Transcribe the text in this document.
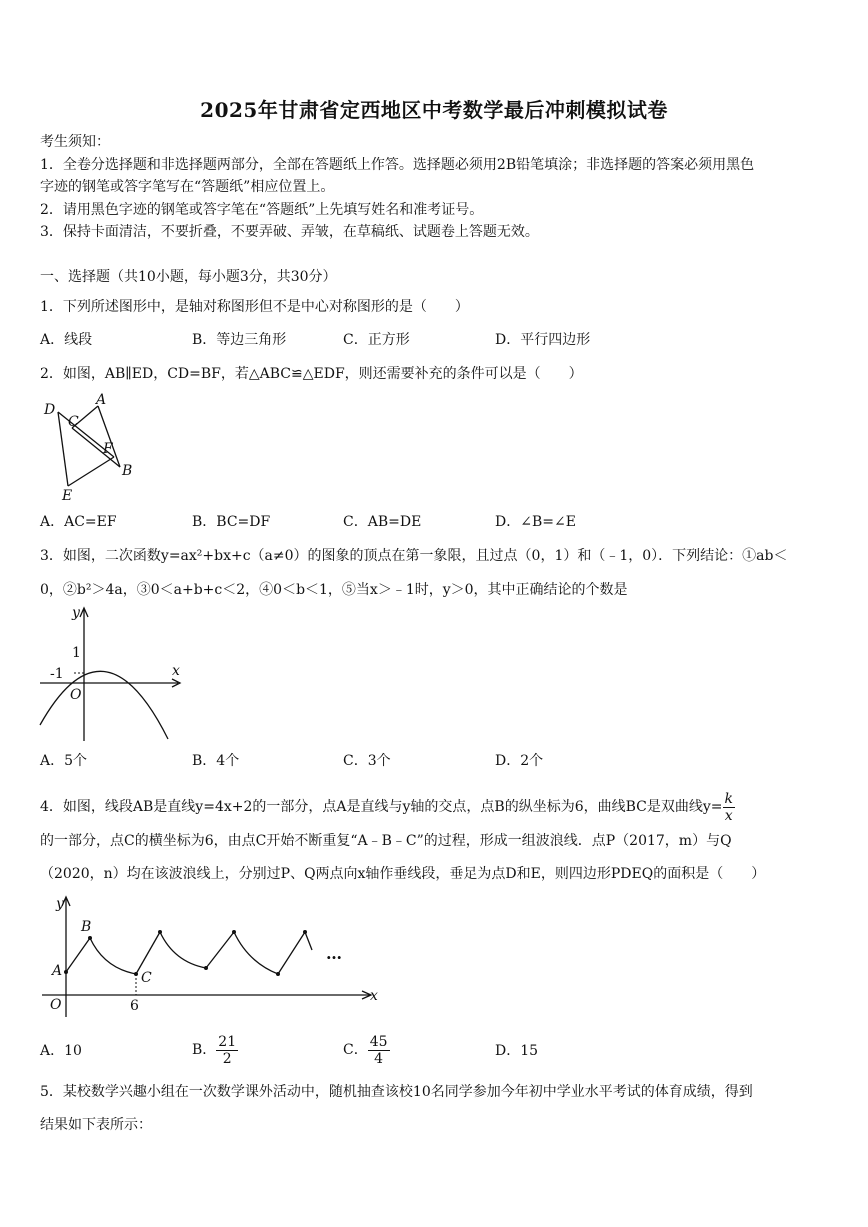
2025年甘肃省定西地区中考数学最后冲刺模拟试卷
考生须知：
1．全卷分选择题和非选择题两部分，全部在答题纸上作答。选择题必须用2B铅笔填涂；非选择题的答案必须用黑色
字迹的钢笔或答字笔写在“答题纸”相应位置上。
2．请用黑色字迹的钢笔或答字笔在“答题纸”上先填写姓名和准考证号。
3．保持卡面清洁，不要折叠，不要弄破、弄皱，在草稿纸、试题卷上答题无效。
一、选择题（共10小题，每小题3分，共30分）
1．下列所述图形中，是轴对称图形但不是中心对称图形的是（　　）
A．线段	B．等边三角形	C．正方形	D．平行四边形
2．如图，AB∥ED，CD=BF，若△ABC≌△EDF，则还需要补充的条件可以是（　　）
D
A
C
F
B
E
A．AC=EF	B．BC=DF	C．AB=DE	D．∠B=∠E
3．如图，二次函数y=ax²+bx+c（a≠0）的图象的顶点在第一象限，且过点（0，1）和（﹣1，0）．下列结论：①ab＜
0，②b²＞4a，③0＜a+b+c＜2，④0＜b＜1，⑤当x＞﹣1时，y＞0，其中正确结论的个数是
y
x
1
-1
O
A．5个	B．4个	C．3个	D．2个
4．如图，线段AB是直线y=4x+2的一部分，点A是直线与y轴的交点，点B的纵坐标为6，曲线BC是双曲线$y= \frac{k}{x}$
的一部分，点C的横坐标为6，由点C开始不断重复“A﹣B﹣C”的过程，形成一组波浪线．点P（2017，m）与Q
（2020，n）均在该波浪线上，分别过P、Q两点向x轴作垂线段，垂足为点D和E，则四边形PDEQ的面积是（　　）
y
x
B
A	C
O	6
…
A．10	B． $\frac{21}{2}$	C． $\frac{45}{4}$	D．15
5．某校数学兴趣小组在一次数学课外活动中，随机抽查该校10名同学参加今年初中学业水平考试的体育成绩，得到
结果如下表所示：
